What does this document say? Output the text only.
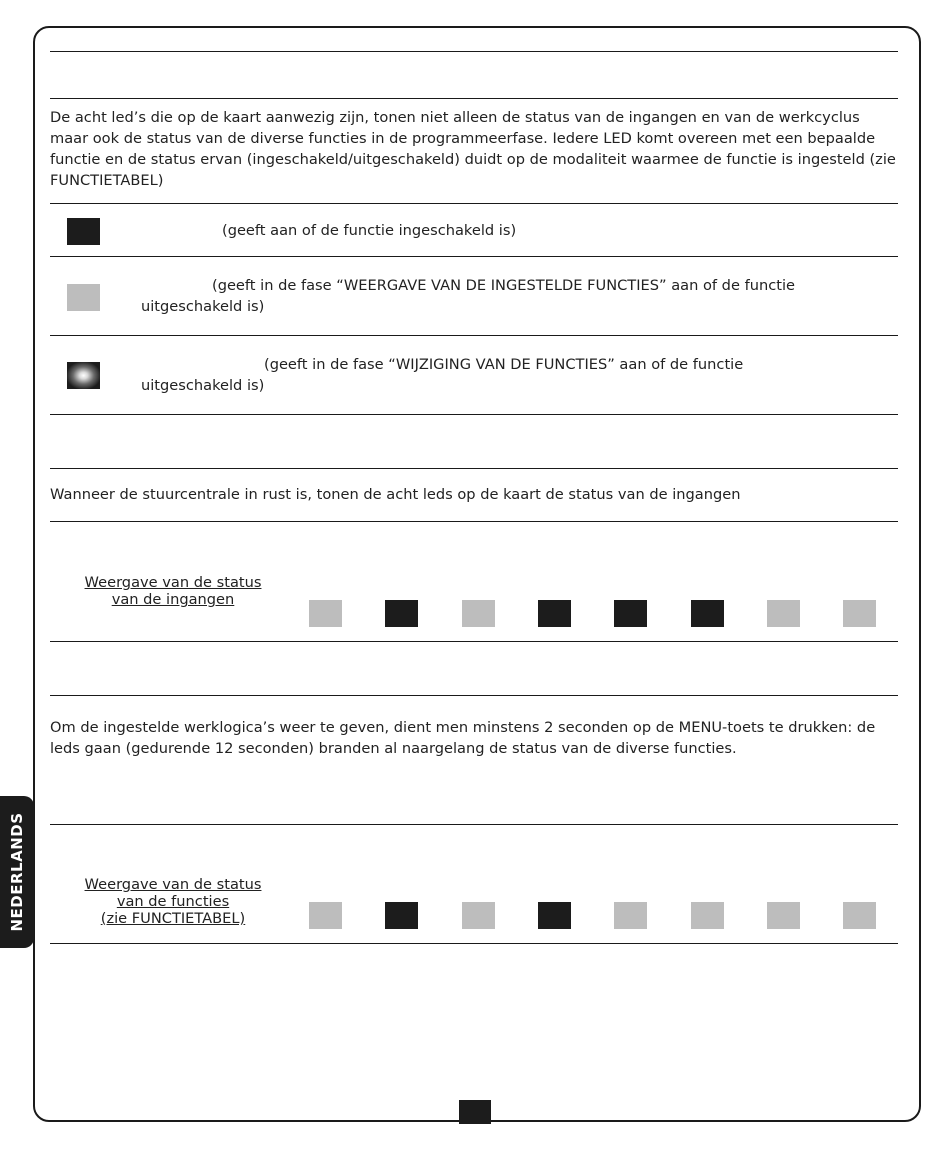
De acht led’s die op de kaart aanwezig zijn, tonen niet alleen de status van de ingangen en van de werkcyclus maar ook de status van de diverse functies in de programmeerfase. Iedere LED komt overeen met een bepaalde functie en de status ervan (ingeschakeld/uitgeschakeld) duidt op de modaliteit waarmee de functie is ingesteld (zie FUNCTIETABEL)
(geeft aan of de functie ingeschakeld is)
(geeft in de fase “WEERGAVE VAN DE INGESTELDE FUNCTIES” aan of de functie
uitgeschakeld is)
(geeft in de fase “WIJZIGING VAN DE FUNCTIES” aan of de functie
uitgeschakeld is)
Wanneer de stuurcentrale in rust is, tonen de acht leds op de kaart de status van de ingangen
Weergave van de status
van de ingangen
Om de ingestelde werklogica’s weer te geven, dient men minstens 2 seconden op de MENU-toets te drukken: de leds gaan (gedurende 12 seconden) branden al naargelang de status van de diverse functies.
Weergave van de status
van de functies
(zie FUNCTIETABEL)
NEDERLANDS
